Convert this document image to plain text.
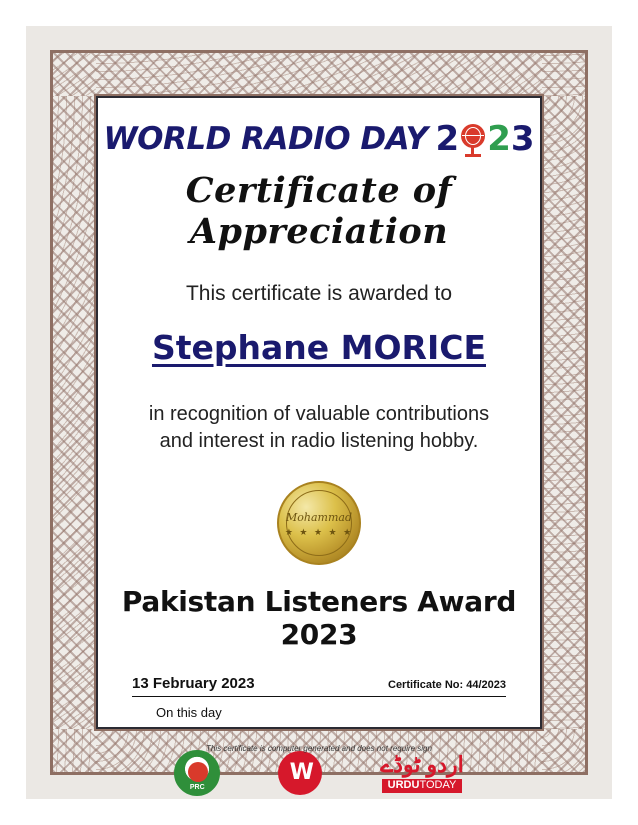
WORLD RADIO DAY 2 2 3
Certificate of Appreciation
This certificate is awarded to
Stephane MORICE
in recognition of valuable contributions
and interest in radio listening hobby.
Mohammad
★ ★ ★ ★ ★
Pakistan Listeners Award 2023
13 February 2023	Certificate No: 44/2023
On this day
PRC
W	اردو ٹوڈے
URDUTODAY
This certificate is computer generated and does not require sign
